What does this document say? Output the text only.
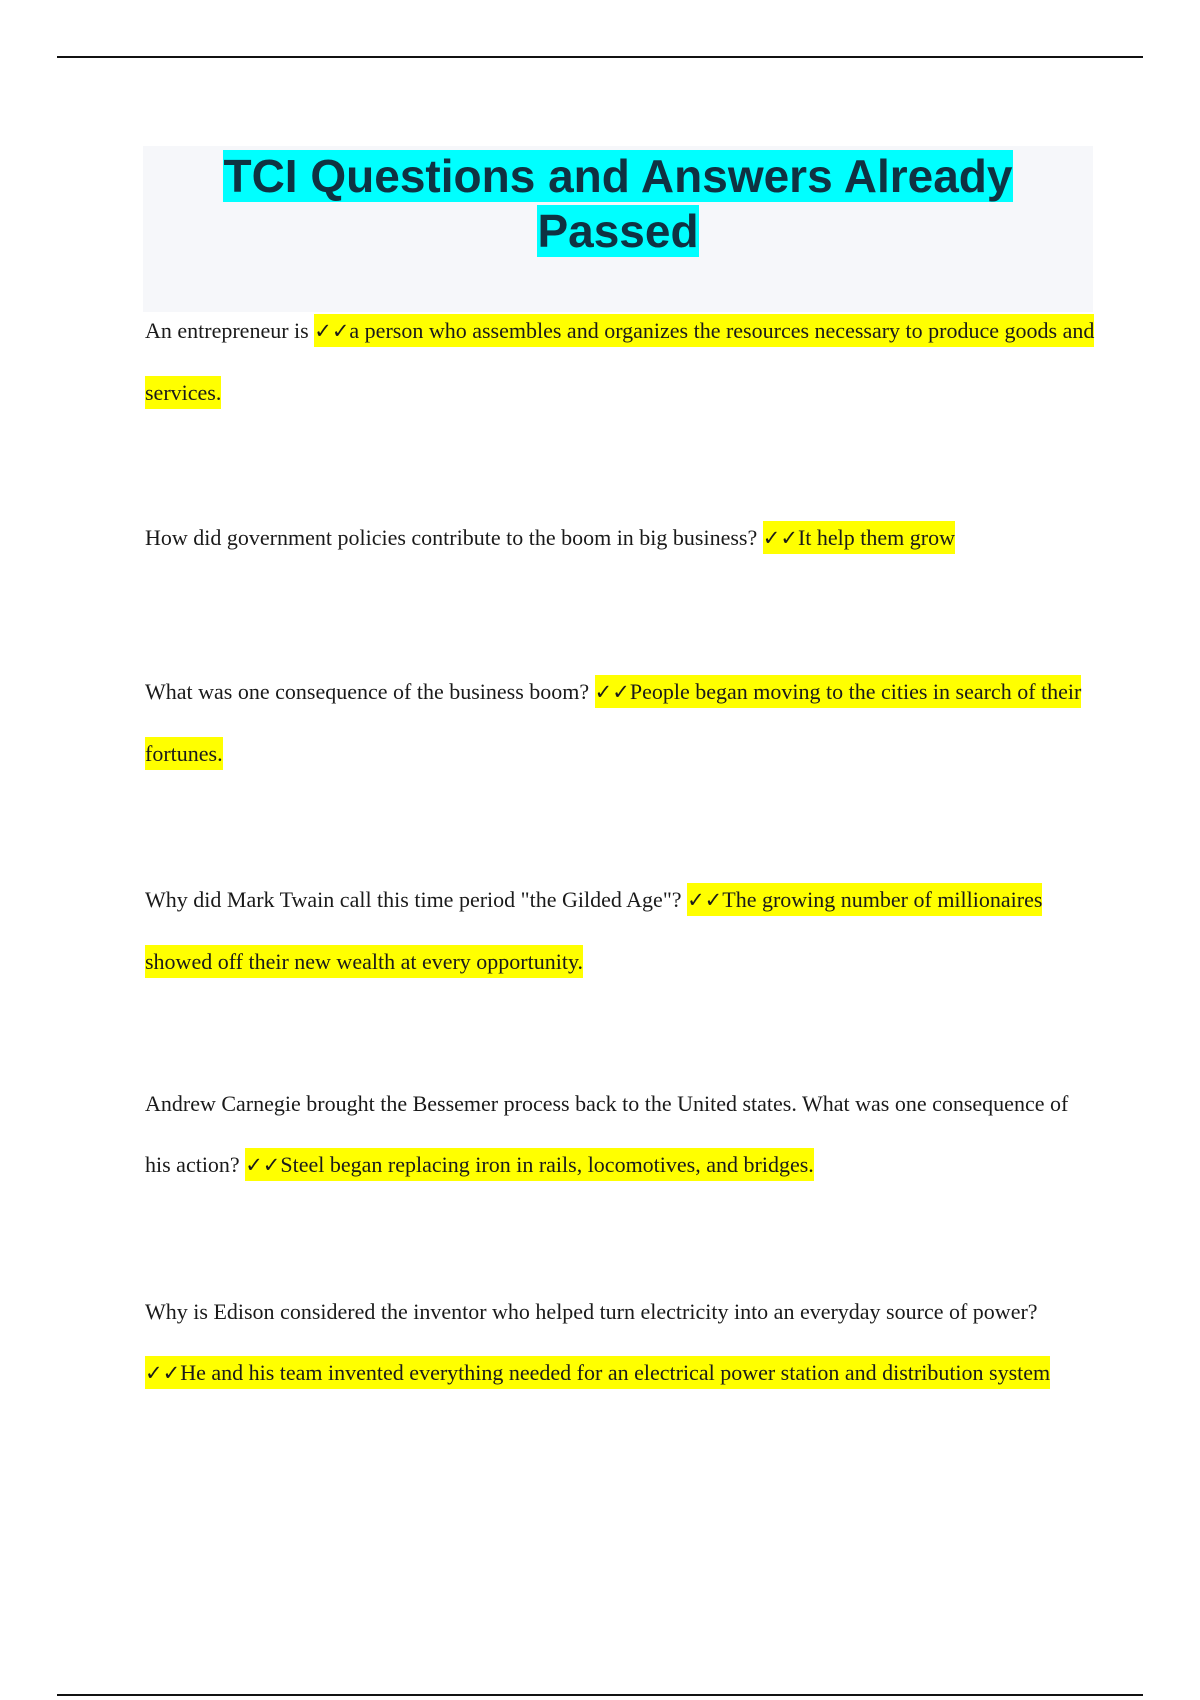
TCI Questions and Answers Already Passed
An entrepreneur is ✓✓a person who assembles and organizes the resources necessary to produce goods and services.
How did government policies contribute to the boom in big business? ✓✓It help them grow
What was one consequence of the business boom? ✓✓People began moving to the cities in search of their fortunes.
Why did Mark Twain call this time period "the Gilded Age"? ✓✓The growing number of millionaires showed off their new wealth at every opportunity.
Andrew Carnegie brought the Bessemer process back to the United states. What was one consequence of his action? ✓✓Steel began replacing iron in rails, locomotives, and bridges.
Why is Edison considered the inventor who helped turn electricity into an everyday source of power? ✓✓He and his team invented everything needed for an electrical power station and distribution system
